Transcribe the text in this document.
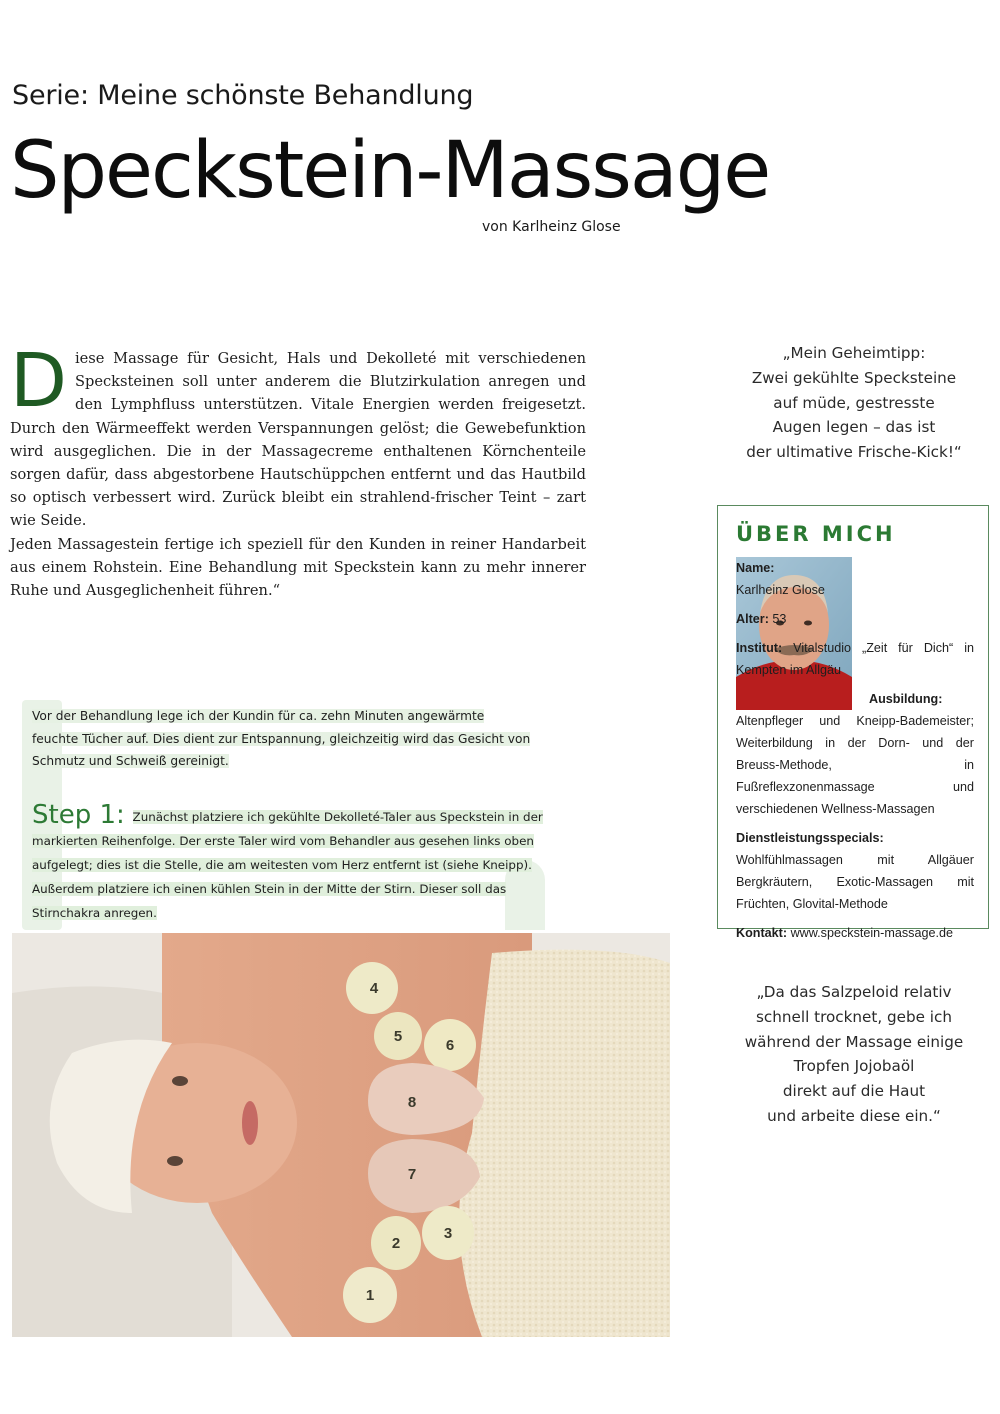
Serie: Meine schönste Behandlung
Speckstein-Massage
von Karlheinz Glose

Diese Massage für Gesicht, Hals und Dekolleté mit verschiedenen Specksteinen soll unter anderem die Blutzirkulation anregen und den Lymphfluss unterstützen. Vitale Energien werden freigesetzt. Durch den Wärmeeffekt werden Verspannungen gelöst; die Gewebefunktion wird ausgeglichen. Die in der Massagecreme enthaltenen Körnchenteile sorgen dafür, dass abgestorbene Hautschüppchen entfernt und das Hautbild so optisch verbessert wird. Zurück bleibt ein strahlend-frischer Teint – zart wie Seide.

Jeden Massagestein fertige ich speziell für den Kunden in reiner Handarbeit aus einem Rohstein. Eine Behandlung mit Speckstein kann zu mehr innerer Ruhe und Ausgeglichenheit führen.“

„Mein Geheimtipp:
Zwei gekühlte Specksteine
auf müde, gestresste
Augen legen – das ist
der ultimative Frische-Kick!“
Vor der Behandlung lege ich der Kundin für ca. zehn Minuten angewärmte feuchte Tücher auf. Dies dient zur Entspannung, gleichzeitig wird das Gesicht von Schmutz und Schweiß gereinigt.
Step 1: Zunächst platziere ich gekühlte Dekolleté-Taler aus Speckstein in der markierten Reihenfolge. Der erste Taler wird vom Behandler aus gesehen links oben aufgelegt; dies ist die Stelle, die am weitesten vom Herz entfernt ist (siehe Kneipp). Außerdem platziere ich einen kühlen Stein in der Mitte der Stirn. Dieser soll das Stirnchakra anregen.
4
5
6
8
7
3
2
1
ÜBER MICH

Name:

Karlheinz Glose

Alter: 53

Institut: Vitalstudio „Zeit für Dich“ in Kempten im Allgäu

Ausbildung: Altenpfleger und Kneipp-Bademeister; Weiterbildung in der Dorn- und der Breuss-Methode, in Fußreflexzonenmassage und verschiedenen Wellness-Massagen

Dienstleistungsspecials: Wohlfühlmassagen mit Allgäuer Bergkräutern, Exotic-Massagen mit Früchten, Glovital-Methode

Kontakt: www.speckstein-massage.de

„Da das Salzpeloid relativ
schnell trocknet, gebe ich
während der Massage einige
Tropfen Jojobaöl
direkt auf die Haut
und arbeite diese ein.“
